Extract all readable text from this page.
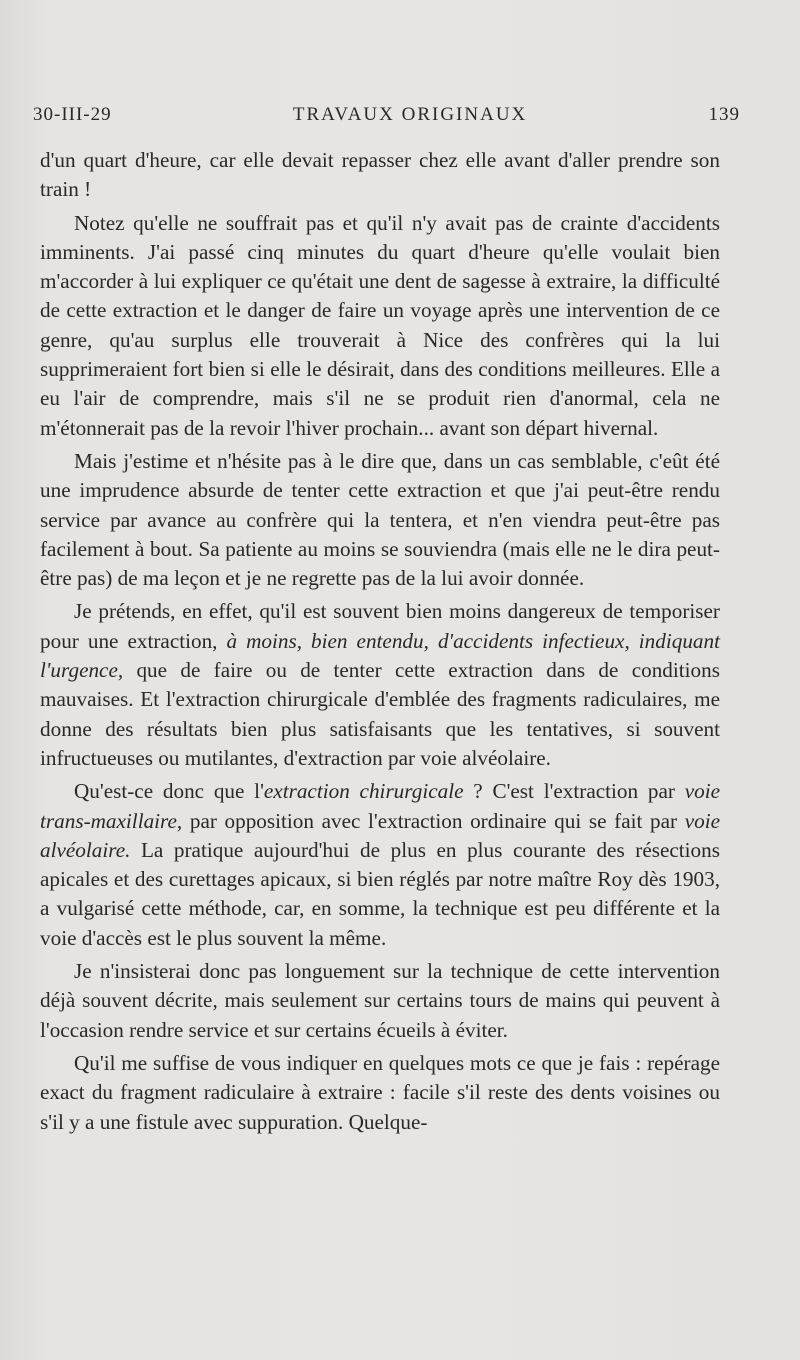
30-III-29	TRAVAUX ORIGINAUX	139

d'un quart d'heure, car elle devait repasser chez elle avant d'aller prendre son train !

Notez qu'elle ne souffrait pas et qu'il n'y avait pas de crainte d'accidents imminents. J'ai passé cinq minutes du quart d'heure qu'elle voulait bien m'accorder à lui expliquer ce qu'était une dent de sagesse à extraire, la difficulté de cette extraction et le danger de faire un voyage après une intervention de ce genre, qu'au surplus elle trouverait à Nice des confrères qui la lui supprimeraient fort bien si elle le désirait, dans des conditions meilleures. Elle a eu l'air de comprendre, mais s'il ne se produit rien d'anormal, cela ne m'étonnerait pas de la revoir l'hiver prochain... avant son départ hivernal.

Mais j'estime et n'hésite pas à le dire que, dans un cas semblable, c'eût été une imprudence absurde de tenter cette extraction et que j'ai peut-être rendu service par avance au confrère qui la tentera, et n'en viendra peut-être pas facilement à bout. Sa patiente au moins se souviendra (mais elle ne le dira peut-être pas) de ma leçon et je ne regrette pas de la lui avoir donnée.

Je prétends, en effet, qu'il est souvent bien moins dangereux de temporiser pour une extraction, à moins, bien entendu, d'accidents infectieux, indiquant l'urgence, que de faire ou de tenter cette extraction dans de conditions mauvaises. Et l'extraction chirurgicale d'emblée des fragments radiculaires, me donne des résultats bien plus satisfaisants que les tentatives, si souvent infructueuses ou mutilantes, d'extraction par voie alvéolaire.

Qu'est-ce donc que l'extraction chirurgicale ? C'est l'extraction par voie trans-maxillaire, par opposition avec l'extraction ordinaire qui se fait par voie alvéolaire. La pratique aujourd'hui de plus en plus courante des résections apicales et des curettages apicaux, si bien réglés par notre maître Roy dès 1903, a vulgarisé cette méthode, car, en somme, la technique est peu différente et la voie d'accès est le plus souvent la même.

Je n'insisterai donc pas longuement sur la technique de cette intervention déjà souvent décrite, mais seulement sur certains tours de mains qui peuvent à l'occasion rendre service et sur certains écueils à éviter.

Qu'il me suffise de vous indiquer en quelques mots ce que je fais : repérage exact du fragment radiculaire à extraire : facile s'il reste des dents voisines ou s'il y a une fistule avec suppuration. Quelque-
